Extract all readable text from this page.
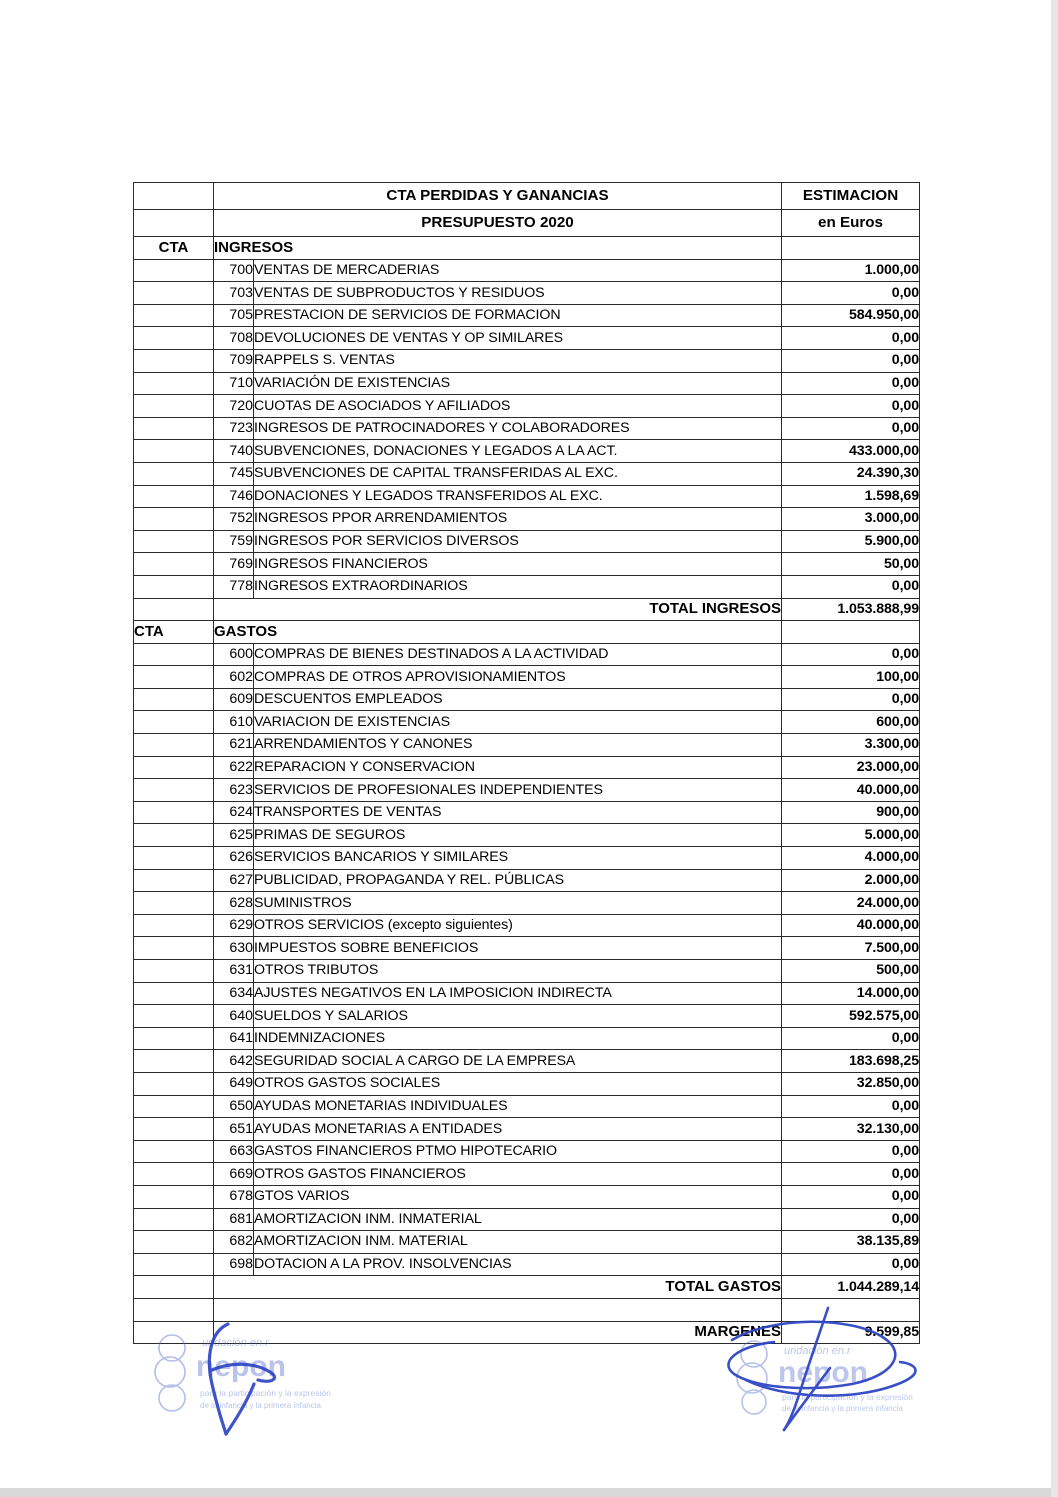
	CTA PERDIDAS Y GANANCIAS		ESTIMACION
	PRESUPUESTO 2020		en Euros
CTA	INGRESOS		
	700	VENTAS DE MERCADERIAS	1.000,00
	703	VENTAS DE SUBPRODUCTOS Y RESIDUOS	0,00
	705	PRESTACION DE SERVICIOS DE FORMACION	584.950,00
	708	DEVOLUCIONES DE VENTAS Y OP SIMILARES	0,00
	709	RAPPELS S. VENTAS	0,00
	710	VARIACIÓN DE EXISTENCIAS	0,00
	720	CUOTAS DE ASOCIADOS Y AFILIADOS	0,00
	723	INGRESOS DE PATROCINADORES Y COLABORADORES	0,00
	740	SUBVENCIONES, DONACIONES Y LEGADOS A LA ACT.	433.000,00
	745	SUBVENCIONES DE CAPITAL TRANSFERIDAS AL EXC.	24.390,30
	746	DONACIONES Y LEGADOS TRANSFERIDOS AL EXC.	1.598,69
	752	INGRESOS PPOR ARRENDAMIENTOS	3.000,00
	759	INGRESOS POR SERVICIOS DIVERSOS	5.900,00
	769	INGRESOS FINANCIEROS	50,00
	778	INGRESOS EXTRAORDINARIOS	0,00
	TOTAL INGRESOS		1.053.888,99
CTA	GASTOS		
	600	COMPRAS DE BIENES DESTINADOS A LA ACTIVIDAD	0,00
	602	COMPRAS DE OTROS APROVISIONAMIENTOS	100,00
	609	DESCUENTOS EMPLEADOS	0,00
	610	VARIACION DE EXISTENCIAS	600,00
	621	ARRENDAMIENTOS Y CANONES	3.300,00
	622	REPARACION Y CONSERVACION	23.000,00
	623	SERVICIOS DE PROFESIONALES INDEPENDIENTES	40.000,00
	624	TRANSPORTES DE VENTAS	900,00
	625	PRIMAS DE SEGUROS	5.000,00
	626	SERVICIOS BANCARIOS Y SIMILARES	4.000,00
	627	PUBLICIDAD, PROPAGANDA Y REL. PÚBLICAS	2.000,00
	628	SUMINISTROS	24.000,00
	629	OTROS SERVICIOS (excepto siguientes)	40.000,00
	630	IMPUESTOS SOBRE BENEFICIOS	7.500,00
	631	OTROS TRIBUTOS	500,00
	634	AJUSTES NEGATIVOS EN LA IMPOSICION INDIRECTA	14.000,00
	640	SUELDOS Y SALARIOS	592.575,00
	641	INDEMNIZACIONES	0,00
	642	SEGURIDAD SOCIAL A CARGO DE LA EMPRESA	183.698,25
	649	OTROS GASTOS SOCIALES	32.850,00
	650	AYUDAS MONETARIAS INDIVIDUALES	0,00
	651	AYUDAS MONETARIAS A ENTIDADES	32.130,00
	663	GASTOS FINANCIEROS PTMO HIPOTECARIO	0,00
	669	OTROS GASTOS FINANCIEROS	0,00
	678	GTOS VARIOS	0,00
	681	AMORTIZACION INM. INMATERIAL	0,00
	682	AMORTIZACION INM. MATERIAL	38.135,89
	698	DOTACION A LA PROV. INSOLVENCIAS	0,00
	TOTAL GASTOS		1.044.289,14

	MARGENES		9.599,85
undación en.r
nepon
para la participación y la expresión
de la infancia y la primera infancia
undación en.r
nepon
para la participación y la expresión
de la infancia y la primera infancia
